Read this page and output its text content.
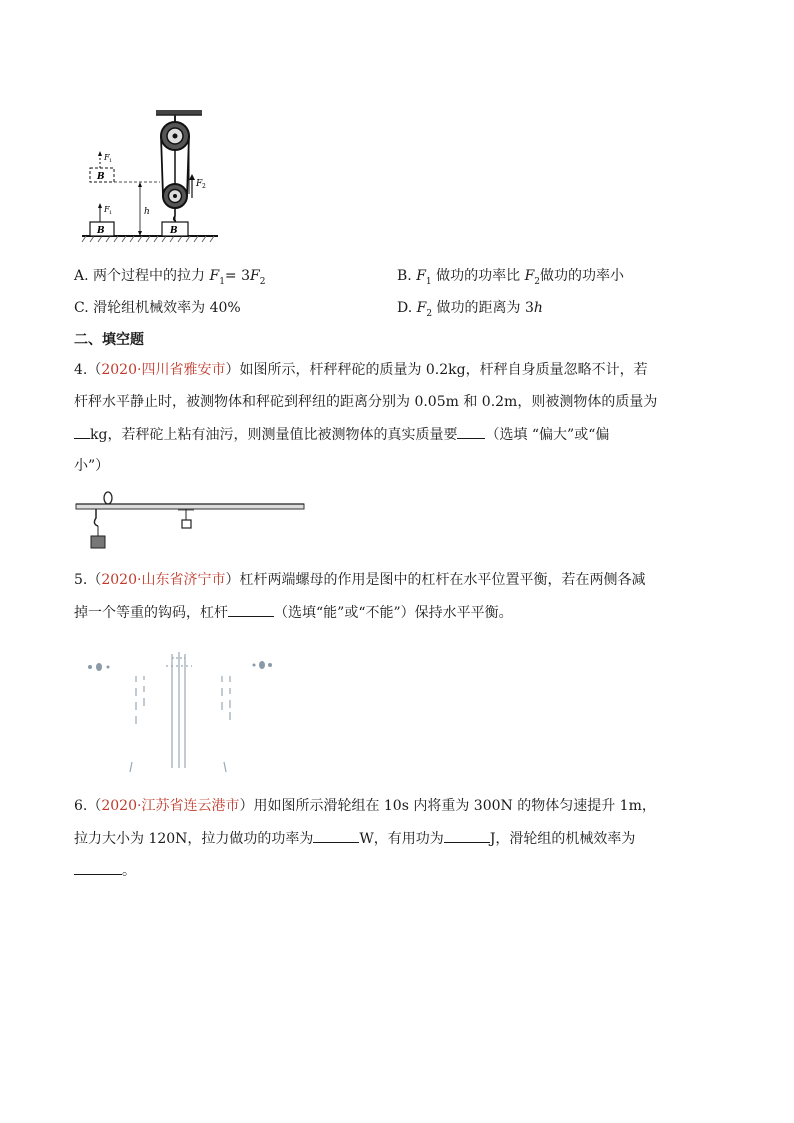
F 2
B	B
F 1
B
F 1
h
A. 两个过程中的拉力 $F_1= 3F_2$	B. $F_1$ 做功的功率比 $F_2$做功的功率小
C. 滑轮组机械效率为 40%	D. $F_2$ 做功的距离为 3h
二、填空题
4.（2020·四川省雅安市）如图所示，杆秤秤砣的质量为 0.2kg，杆秤自身质量忽略不计，若
杆秤水平静止时，被测物体和秤砣到秤纽的距离分别为 0.05m 和 0.2m，则被测物体的质量为
kg，若秤砣上粘有油污，则测量值比被测物体的真实质量要 （选填 “偏大”或“偏
小”）
5.（2020·山东省济宁市）杠杆两端螺母的作用是图中的杠杆在水平位置平衡，若在两侧各减
掉一个等重的钩码，杠杆	（选填“能”或“不能”）保持水平平衡。
6.（2020·江苏省连云港市）用如图所示滑轮组在 10s 内将重为 300N 的物体匀速提升 1m，
拉力大小为 120N，拉力做功的功率为	W，有用功为	J，滑轮组的机械效率为
。
